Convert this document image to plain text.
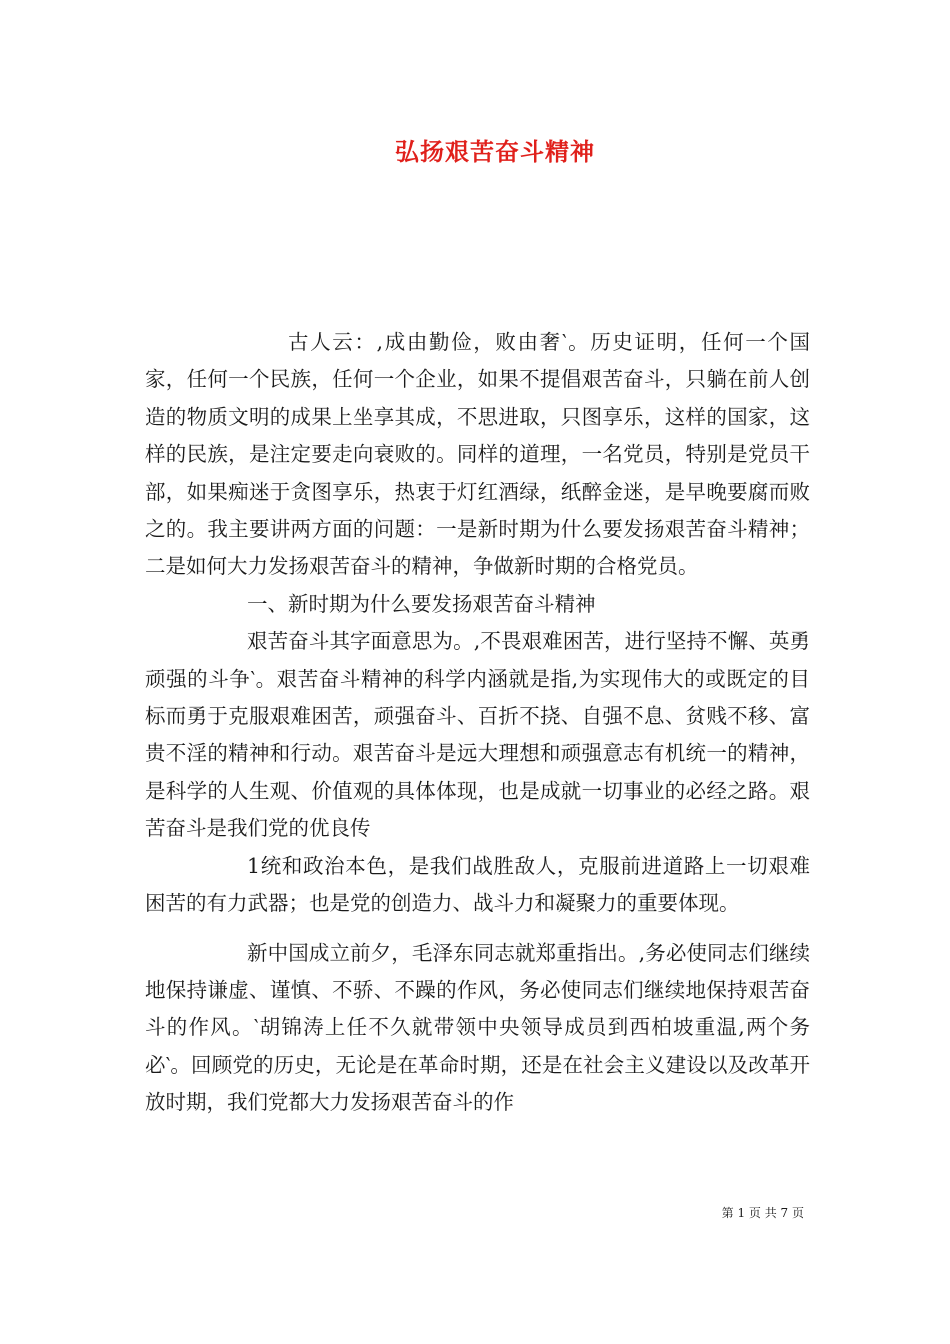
弘扬艰苦奋斗精神

古人云：,成由勤俭，败由奢‵。历史证明，任何一个国家，任何一个民族，任何一个企业，如果不提倡艰苦奋斗，只躺在前人创造的物质文明的成果上坐享其成，不思进取，只图享乐，这样的国家，这样的民族，是注定要走向衰败的。同样的道理，一名党员，特别是党员干部，如果痴迷于贪图享乐，热衷于灯红酒绿，纸醉金迷，是早晚要腐而败之的。我主要讲两方面的问题：一是新时期为什么要发扬艰苦奋斗精神；二是如何大力发扬艰苦奋斗的精神，争做新时期的合格党员。

一、新时期为什么要发扬艰苦奋斗精神

艰苦奋斗其字面意思为。,不畏艰难困苦，进行坚持不懈、英勇顽强的斗争‵。艰苦奋斗精神的科学内涵就是指,为实现伟大的或既定的目标而勇于克服艰难困苦，顽强奋斗、百折不挠、自强不息、贫贱不移、富贵不淫的精神和行动。艰苦奋斗是远大理想和顽强意志有机统一的精神，是科学的人生观、价值观的具体体现，也是成就一切事业的必经之路。艰苦奋斗是我们党的优良传

1统和政治本色，是我们战胜敌人，克服前进道路上一切艰难困苦的有力武器；也是党的创造力、战斗力和凝聚力的重要体现。

新中国成立前夕，毛泽东同志就郑重指出。,务必使同志们继续地保持谦虚、谨慎、不骄、不躁的作风，务必使同志们继续地保持艰苦奋斗的作风。‵胡锦涛上任不久就带领中央领导成员到西柏坡重温,两个务必‵。回顾党的历史，无论是在革命时期，还是在社会主义建设以及改革开放时期，我们党都大力发扬艰苦奋斗的作

第 1 页 共 7 页
